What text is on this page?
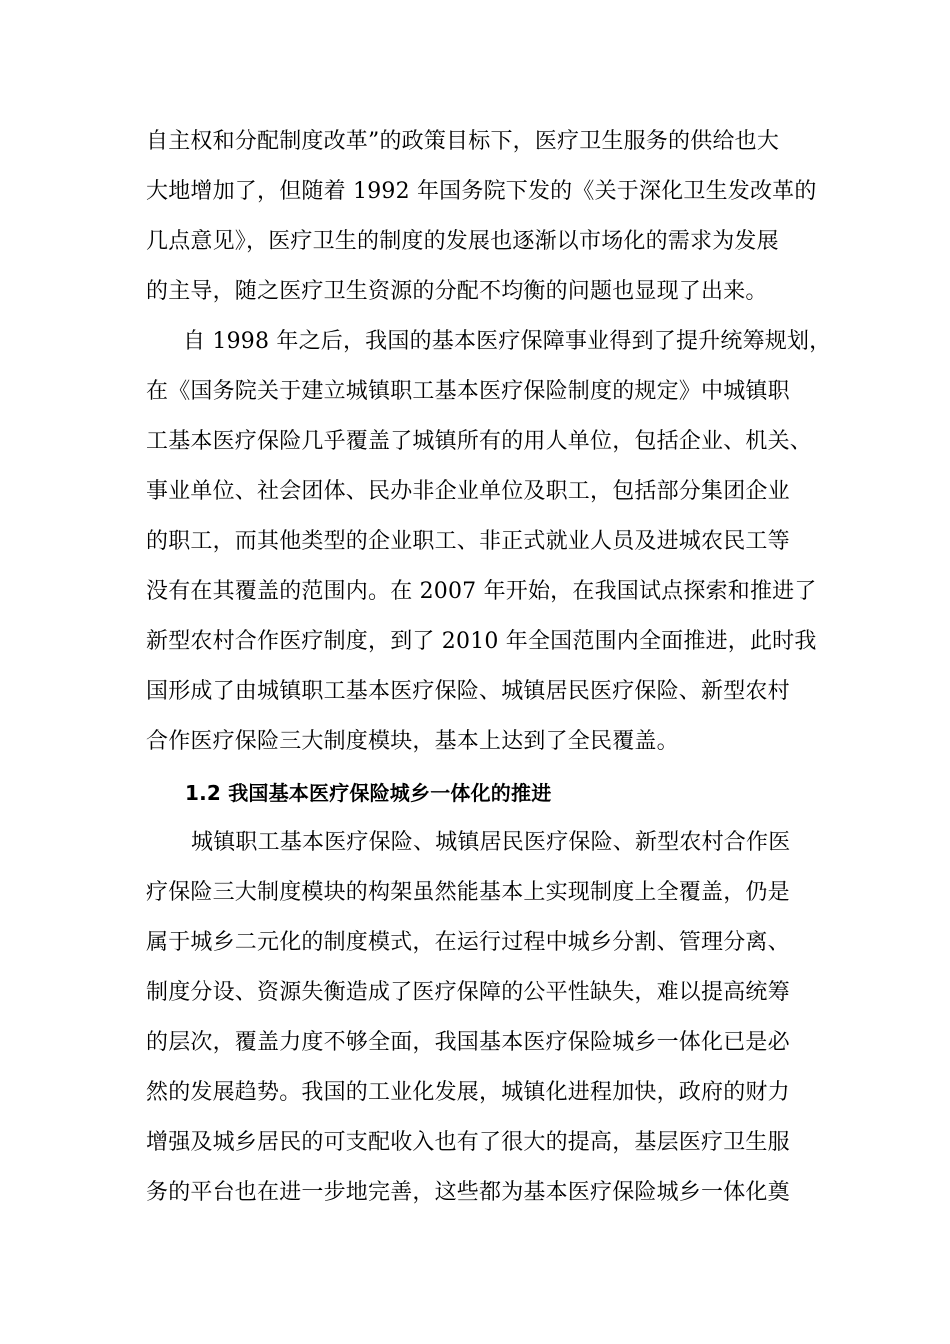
自主权和分配制度改革”的政策目标下，医疗卫生服务的供给也大
大地增加了，但随着 1992 年国务院下发的《关于深化卫生发改革的
几点意见》，医疗卫生的制度的发展也逐渐以市场化的需求为发展
的主导，随之医疗卫生资源的分配不均衡的问题也显现了出来。
自 1998 年之后，我国的基本医疗保障事业得到了提升统筹规划，
在《国务院关于建立城镇职工基本医疗保险制度的规定》中城镇职
工基本医疗保险几乎覆盖了城镇所有的用人单位，包括企业、机关、
事业单位、社会团体、民办非企业单位及职工，包括部分集团企业
的职工，而其他类型的企业职工、非正式就业人员及进城农民工等
没有在其覆盖的范围内。在 2007 年开始，在我国试点探索和推进了
新型农村合作医疗制度，到了 2010 年全国范围内全面推进，此时我
国形成了由城镇职工基本医疗保险、城镇居民医疗保险、新型农村
合作医疗保险三大制度模块，基本上达到了全民覆盖。
1.2 我国基本医疗保险城乡一体化的推进
城镇职工基本医疗保险、城镇居民医疗保险、新型农村合作医
疗保险三大制度模块的构架虽然能基本上实现制度上全覆盖，仍是
属于城乡二元化的制度模式，在运行过程中城乡分割、管理分离、
制度分设、资源失衡造成了医疗保障的公平性缺失，难以提高统筹
的层次，覆盖力度不够全面，我国基本医疗保险城乡一体化已是必
然的发展趋势。我国的工业化发展，城镇化进程加快，政府的财力
增强及城乡居民的可支配收入也有了很大的提高，基层医疗卫生服
务的平台也在进一步地完善，这些都为基本医疗保险城乡一体化奠
